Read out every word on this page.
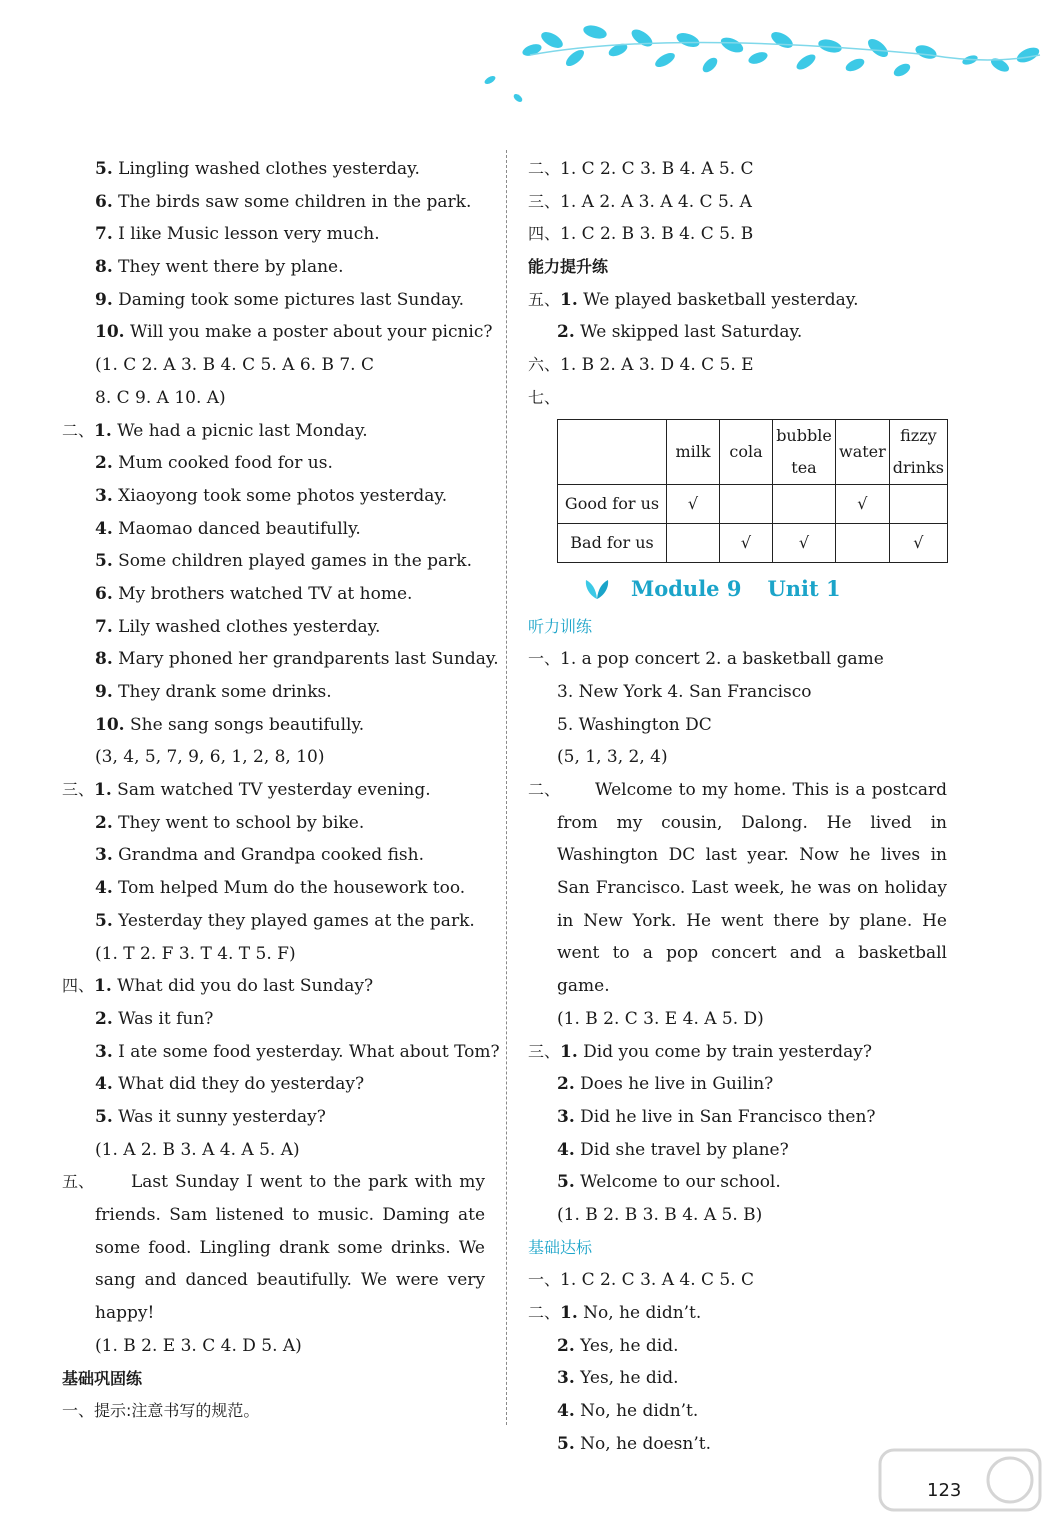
5. Lingling washed clothes yesterday.
6. The birds saw some children in the park.
7. I like Music lesson very much.
8. They went there by plane.
9. Daming took some pictures last Sunday.
10. Will you make a poster about your picnic?
(1. C 2. A 3. B 4. C 5. A 6. B 7. C
8. C 9. A 10. A)
二、1. We had a picnic last Monday.
2. Mum cooked food for us.
3. Xiaoyong took some photos yesterday.
4. Maomao danced beautifully.
5. Some children played games in the park.
6. My brothers watched TV at home.
7. Lily washed clothes yesterday.
8. Mary phoned her grandparents last Sunday.
9. They drank some drinks.
10. She sang songs beautifully.
(3, 4, 5, 7, 9, 6, 1, 2, 8, 10)
三、1. Sam watched TV yesterday evening.
2. They went to school by bike.
3. Grandma and Grandpa cooked fish.
4. Tom helped Mum do the housework too.
5. Yesterday they played games at the park.
(1. T 2. F 3. T 4. T 5. F)
四、1. What did you do last Sunday?
2. Was it fun?
3. I ate some food yesterday. What about Tom?
4. What did they do yesterday?
5. Was it sunny yesterday?
(1. A 2. B 3. A 4. A 5. A)
五、	Last Sunday I went to the park with my friends. Sam listened to music. Daming ate some food. Lingling drank some drinks. We sang and danced beautifully. We were very happy!
(1. B 2. E 3. C 4. D 5. A)
基础巩固练
一、提示:注意书写的规范。
二、1. C 2. C 3. B 4. A 5. C
三、1. A 2. A 3. A 4. C 5. A
四、1. C 2. B 3. B 4. C 5. B
能力提升练
五、1. We played basketball yesterday.
2. We skipped last Saturday.
六、1. B 2. A 3. D 4. C 5. E
七、
	milk	cola	bubble tea	water	fizzy drinks
Good for us	√			√	
Bad for us		√	√		√
Module 9 Unit 1
听力训练
一、1. a pop concert 2. a basketball game
3. New York 4. San Francisco
5. Washington DC
(5, 1, 3, 2, 4)
二、	Welcome to my home. This is a postcard from my cousin, Dalong. He lived in Washington DC last year. Now he lives in San Francisco. Last week, he was on holiday in New York. He went there by plane. He went to a pop concert and a basketball game.
(1. B 2. C 3. E 4. A 5. D)
三、1. Did you come by train yesterday?
2. Does he live in Guilin?
3. Did he live in San Francisco then?
4. Did she travel by plane?
5. Welcome to our school.
(1. B 2. B 3. B 4. A 5. B)
基础达标
一、1. C 2. C 3. A 4. C 5. C
二、1. No, he didn’t.
2. Yes, he did.
3. Yes, he did.
4. No, he didn’t.
5. No, he doesn’t.
123
